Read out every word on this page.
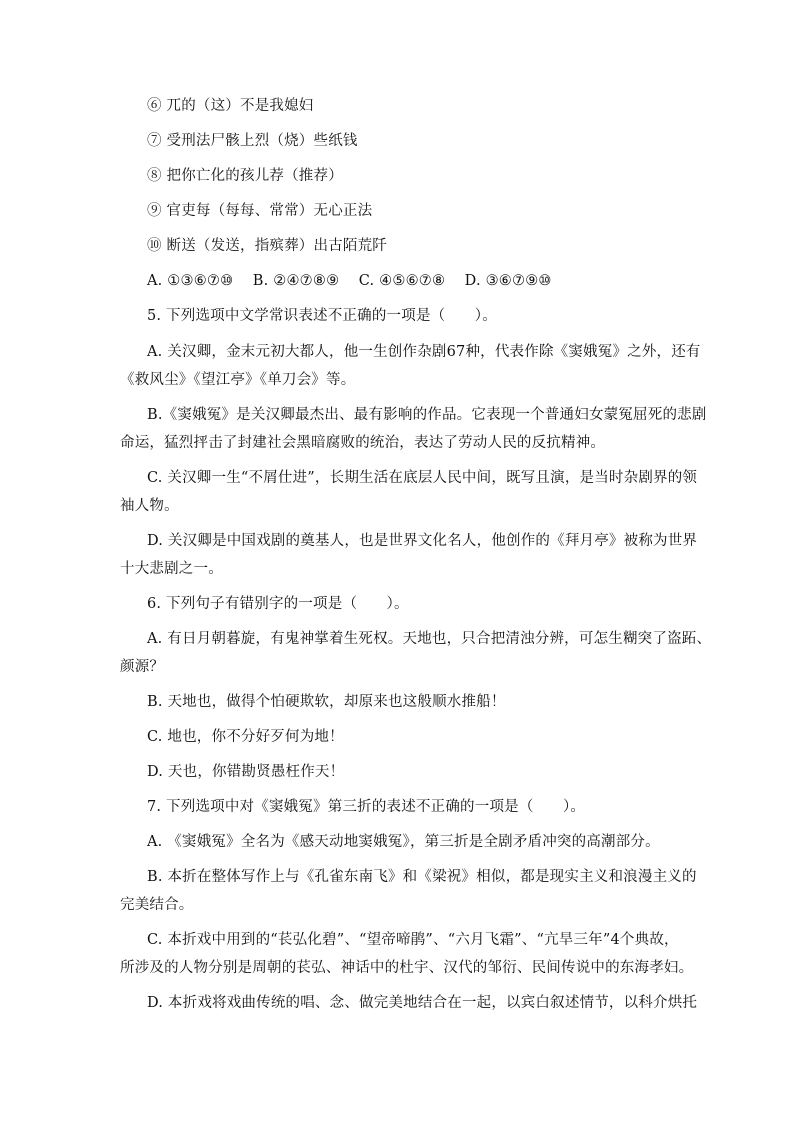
⑥ 兀的（这）不是我媳妇

⑦ 受刑法尸骸上烈（烧）些纸钱

⑧ 把你亡化的孩儿荐（推荐）

⑨ 官吏每（每每、常常）无心正法

⑩ 断送（发送，指殡葬）出古陌荒阡

A. ①③⑥⑦⑩　 B. ②④⑦⑧⑨　 C. ④⑤⑥⑦⑧　 D. ③⑥⑦⑨⑩

5. 下列选项中文学常识表述不正确的一项是（　　）。

A. 关汉卿，金末元初大都人，他一生创作杂剧67种，代表作除《窦娥冤》之外，还有

《救风尘》《望江亭》《单刀会》等。

B.《窦娥冤》是关汉卿最杰出、最有影响的作品。它表现一个普通妇女蒙冤屈死的悲剧

命运，猛烈抨击了封建社会黑暗腐败的统治，表达了劳动人民的反抗精神。

C. 关汉卿一生“不屑仕进”，长期生活在底层人民中间，既写且演，是当时杂剧界的领

袖人物。

D. 关汉卿是中国戏剧的奠基人，也是世界文化名人，他创作的《拜月亭》被称为世界

十大悲剧之一。

6. 下列句子有错别字的一项是（　　）。

A. 有日月朝暮旋，有鬼神掌着生死权。天地也，只合把清浊分辨，可怎生糊突了盗跖、

颜源？

B. 天地也，做得个怕硬欺软，却原来也这般顺水推船！

C. 地也，你不分好歹何为地！

D. 天也，你错勘贤愚枉作天！

7. 下列选项中对《窦娥冤》第三折的表述不正确的一项是（　　）。

A. 《窦娥冤》全名为《感天动地窦娥冤》，第三折是全剧矛盾冲突的高潮部分。

B. 本折在整体写作上与《孔雀东南飞》和《梁祝》相似，都是现实主义和浪漫主义的

完美结合。

C. 本折戏中用到的“苌弘化碧”、“望帝啼鹃”、“六月飞霜”、“亢旱三年”4个典故，

所涉及的人物分别是周朝的苌弘、神话中的杜宇、汉代的邹衍、民间传说中的东海孝妇。

D. 本折戏将戏曲传统的唱、念、做完美地结合在一起，以宾白叙述情节，以科介烘托
